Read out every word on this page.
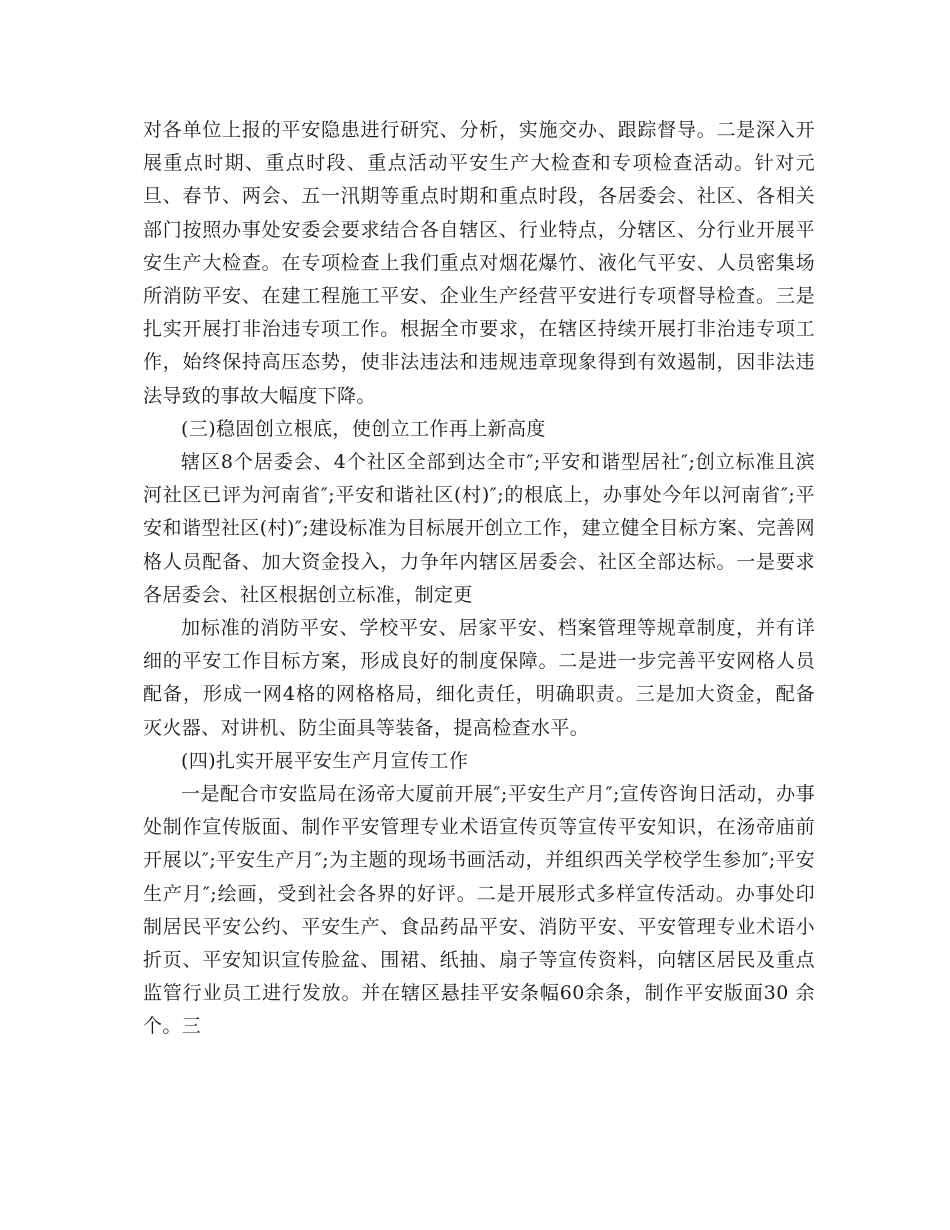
对各单位上报的平安隐患进行研究、分析，实施交办、跟踪督导。二是深入开展重点时期、重点时段、重点活动平安生产大检查和专项检查活动。针对元旦、春节、两会、五一汛期等重点时期和重点时段，各居委会、社区、各相关部门按照办事处安委会要求结合各自辖区、行业特点，分辖区、分行业开展平安生产大检查。在专项检查上我们重点对烟花爆竹、液化气平安、人员密集场所消防平安、在建工程施工平安、企业生产经营平安进行专项督导检查。三是扎实开展打非治违专项工作。根据全市要求，在辖区持续开展打非治违专项工作，始终保持高压态势，使非法违法和违规违章现象得到有效遏制，因非法违法导致的事故大幅度下降。

(三)稳固创立根底，使创立工作再上新高度

辖区8个居委会、4个社区全部到达全市″;平安和谐型居社″;创立标准且滨河社区已评为河南省″;平安和谐社区(村)″;的根底上，办事处今年以河南省″;平安和谐型社区(村)″;建设标准为目标展开创立工作，建立健全目标方案、完善网格人员配备、加大资金投入，力争年内辖区居委会、社区全部达标。一是要求各居委会、社区根据创立标准，制定更

加标准的消防平安、学校平安、居家平安、档案管理等规章制度，并有详细的平安工作目标方案，形成良好的制度保障。二是进一步完善平安网格人员配备，形成一网4格的网格格局，细化责任，明确职责。三是加大资金，配备灭火器、对讲机、防尘面具等装备，提高检查水平。

(四)扎实开展平安生产月宣传工作

一是配合市安监局在汤帝大厦前开展″;平安生产月″;宣传咨询日活动，办事处制作宣传版面、制作平安管理专业术语宣传页等宣传平安知识，在汤帝庙前开展以″;平安生产月″;为主题的现场书画活动，并组织西关学校学生参加″;平安生产月″;绘画，受到社会各界的好评。二是开展形式多样宣传活动。办事处印制居民平安公约、平安生产、食品药品平安、消防平安、平安管理专业术语小折页、平安知识宣传脸盆、围裙、纸抽、扇子等宣传资料，向辖区居民及重点监管行业员工进行发放。并在辖区悬挂平安条幅60余条，制作平安版面30 余个。三
